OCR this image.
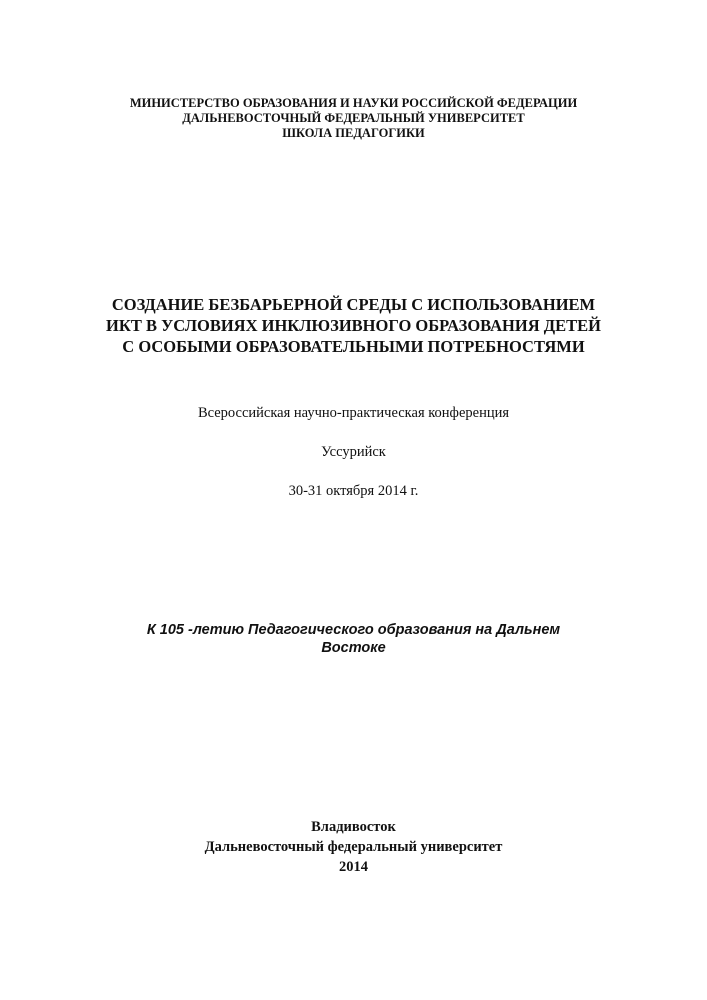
МИНИСТЕРСТВО ОБРАЗОВАНИЯ И НАУКИ РОССИЙСКОЙ ФЕДЕРАЦИИ
ДАЛЬНЕВОСТОЧНЫЙ ФЕДЕРАЛЬНЫЙ УНИВЕРСИТЕТ
ШКОЛА ПЕДАГОГИКИ
СОЗДАНИЕ БЕЗБАРЬЕРНОЙ СРЕДЫ С ИСПОЛЬЗОВАНИЕМ
ИКТ В УСЛОВИЯХ ИНКЛЮЗИВНОГО ОБРАЗОВАНИЯ ДЕТЕЙ
С ОСОБЫМИ ОБРАЗОВАТЕЛЬНЫМИ ПОТРЕБНОСТЯМИ
Всероссийская научно-практическая конференция
Уссурийск
30-31 октября 2014 г.
К 105 -летию Педагогического образования на Дальнем
Востоке
Владивосток
Дальневосточный федеральный университет
2014
